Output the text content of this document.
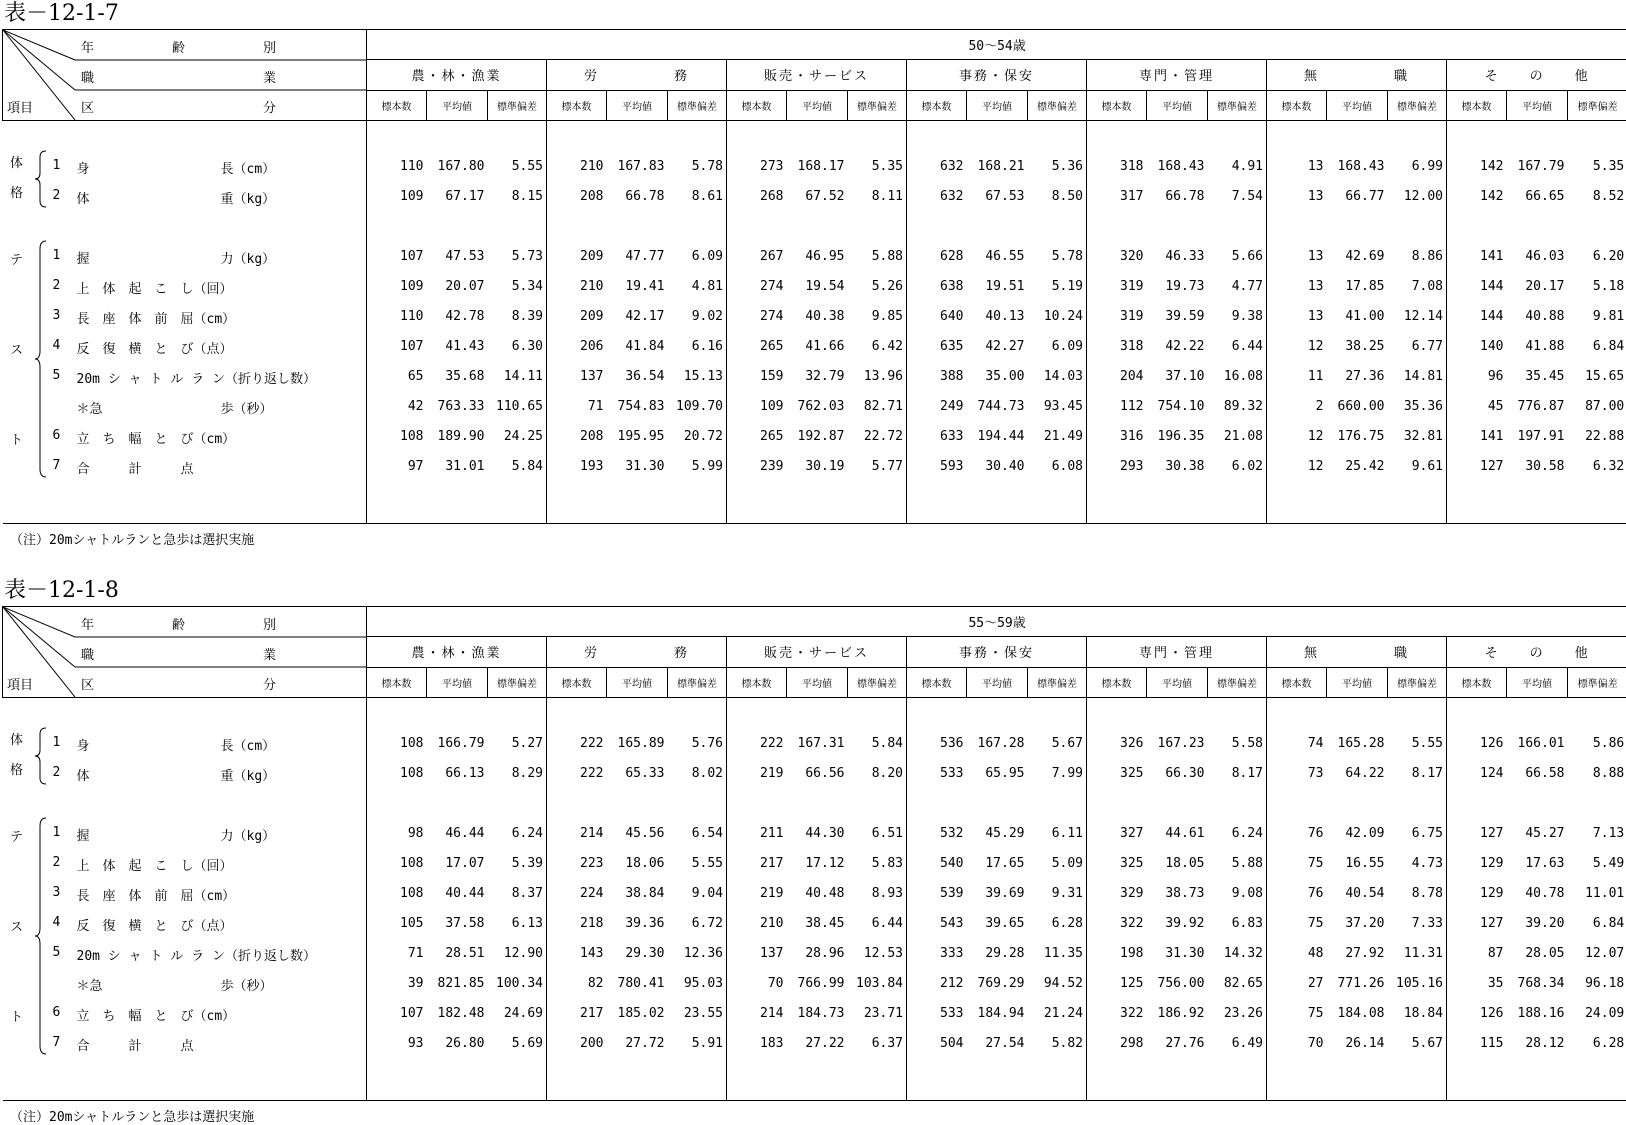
表－12-1-7
年　　　　　　齢　　　　　　別
職　　　　　　　　　　　　　業
項目 区　　　　　　　　　　　　　分	50～54歳																				
	農・林・漁業			労　　　　　務			販売・サービス			事務・保安			専門・管理			無　　　　　職			そ　　の　　他		
	標本数	平均値	標準偏差	標本数	平均値	標準偏差	標本数	平均値	標準偏差	標本数	平均値	標準偏差	標本数	平均値	標準偏差	標本数	平均値	標準偏差	標本数	平均値	標準偏差

1 身 長（cm）	110	167.80	5.55	210	167.83	5.78	273	168.17	5.35	632	168.21	5.36	318	168.43	4.91	13	168.43	6.99	142	167.79	5.35

2 体 重（kg）	109	67.17	8.15	208	66.78	8.61	268	67.52	8.11	632	67.53	8.50	317	66.78	7.54	13	66.77	12.00	142	66.65	8.52

1 握 力（kg）	107	47.53	5.73	209	47.77	6.09	267	46.95	5.88	628	46.55	5.78	320	46.33	5.66	13	42.69	8.86	141	46.03	6.20

2 上　体　起　こ　し（回）	109	20.07	5.34	210	19.41	4.81	274	19.54	5.26	638	19.51	5.19	319	19.73	4.77	13	17.85	7.08	144	20.17	5.18

3 長　座　体　前　屈（cm）	110	42.78	8.39	209	42.17	9.02	274	40.38	9.85	640	40.13	10.24	319	39.59	9.38	13	41.00	12.14	144	40.88	9.81

4 反　復　横　と　び（点）	107	41.43	6.30	206	41.84	6.16	265	41.66	6.42	635	42.27	6.09	318	42.22	6.44	12	38.25	6.77	140	41.88	6.84

5 20m シ ャ ト ル ラ ン（折り返し数）	65	35.68	14.11	137	36.54	15.13	159	32.79	13.96	388	35.00	14.03	204	37.10	16.08	11	27.36	14.81	96	35.45	15.65

＊急 歩（秒）	42	763.33	110.65	71	754.83	109.70	109	762.03	82.71	249	744.73	93.45	112	754.10	89.32	2	660.00	35.36	45	776.87	87.00

6 立　ち　幅　と　び（cm）	108	189.90	24.25	208	195.95	20.72	265	192.87	22.72	633	194.44	21.49	316	196.35	21.08	12	176.75	32.81	141	197.91	22.88

7 合　　　計　　　点	97	31.01	5.84	193	31.30	5.99	239	30.19	5.77	593	30.40	6.08	293	30.38	6.02	12	25.42	9.61	127	30.58	6.32

体
格
テ
ス
ト
（注）20mシャトルランと急歩は選択実施
表－12-1-8
年　　　　　　齢　　　　　　別
職　　　　　　　　　　　　　業
項目 区　　　　　　　　　　　　　分	55～59歳																				
	農・林・漁業			労　　　　　務			販売・サービス			事務・保安			専門・管理			無　　　　　職			そ　　の　　他		
	標本数	平均値	標準偏差	標本数	平均値	標準偏差	標本数	平均値	標準偏差	標本数	平均値	標準偏差	標本数	平均値	標準偏差	標本数	平均値	標準偏差	標本数	平均値	標準偏差

1 身 長（cm）	108	166.79	5.27	222	165.89	5.76	222	167.31	5.84	536	167.28	5.67	326	167.23	5.58	74	165.28	5.55	126	166.01	5.86

2 体 重（kg）	108	66.13	8.29	222	65.33	8.02	219	66.56	8.20	533	65.95	7.99	325	66.30	8.17	73	64.22	8.17	124	66.58	8.88

1 握 力（kg）	98	46.44	6.24	214	45.56	6.54	211	44.30	6.51	532	45.29	6.11	327	44.61	6.24	76	42.09	6.75	127	45.27	7.13

2 上　体　起　こ　し（回）	108	17.07	5.39	223	18.06	5.55	217	17.12	5.83	540	17.65	5.09	325	18.05	5.88	75	16.55	4.73	129	17.63	5.49

3 長　座　体　前　屈（cm）	108	40.44	8.37	224	38.84	9.04	219	40.48	8.93	539	39.69	9.31	329	38.73	9.08	76	40.54	8.78	129	40.78	11.01

4 反　復　横　と　び（点）	105	37.58	6.13	218	39.36	6.72	210	38.45	6.44	543	39.65	6.28	322	39.92	6.83	75	37.20	7.33	127	39.20	6.84

5 20m シ ャ ト ル ラ ン（折り返し数）	71	28.51	12.90	143	29.30	12.36	137	28.96	12.53	333	29.28	11.35	198	31.30	14.32	48	27.92	11.31	87	28.05	12.07

＊急 歩（秒）	39	821.85	100.34	82	780.41	95.03	70	766.99	103.84	212	769.29	94.52	125	756.00	82.65	27	771.26	105.16	35	768.34	96.18

6 立　ち　幅　と　び（cm）	107	182.48	24.69	217	185.02	23.55	214	184.73	23.71	533	184.94	21.24	322	186.92	23.26	75	184.08	18.84	126	188.16	24.09

7 合　　　計　　　点	93	26.80	5.69	200	27.72	5.91	183	27.22	6.37	504	27.54	5.82	298	27.76	6.49	70	26.14	5.67	115	28.12	6.28

体
格
テ
ス
ト
（注）20mシャトルランと急歩は選択実施
